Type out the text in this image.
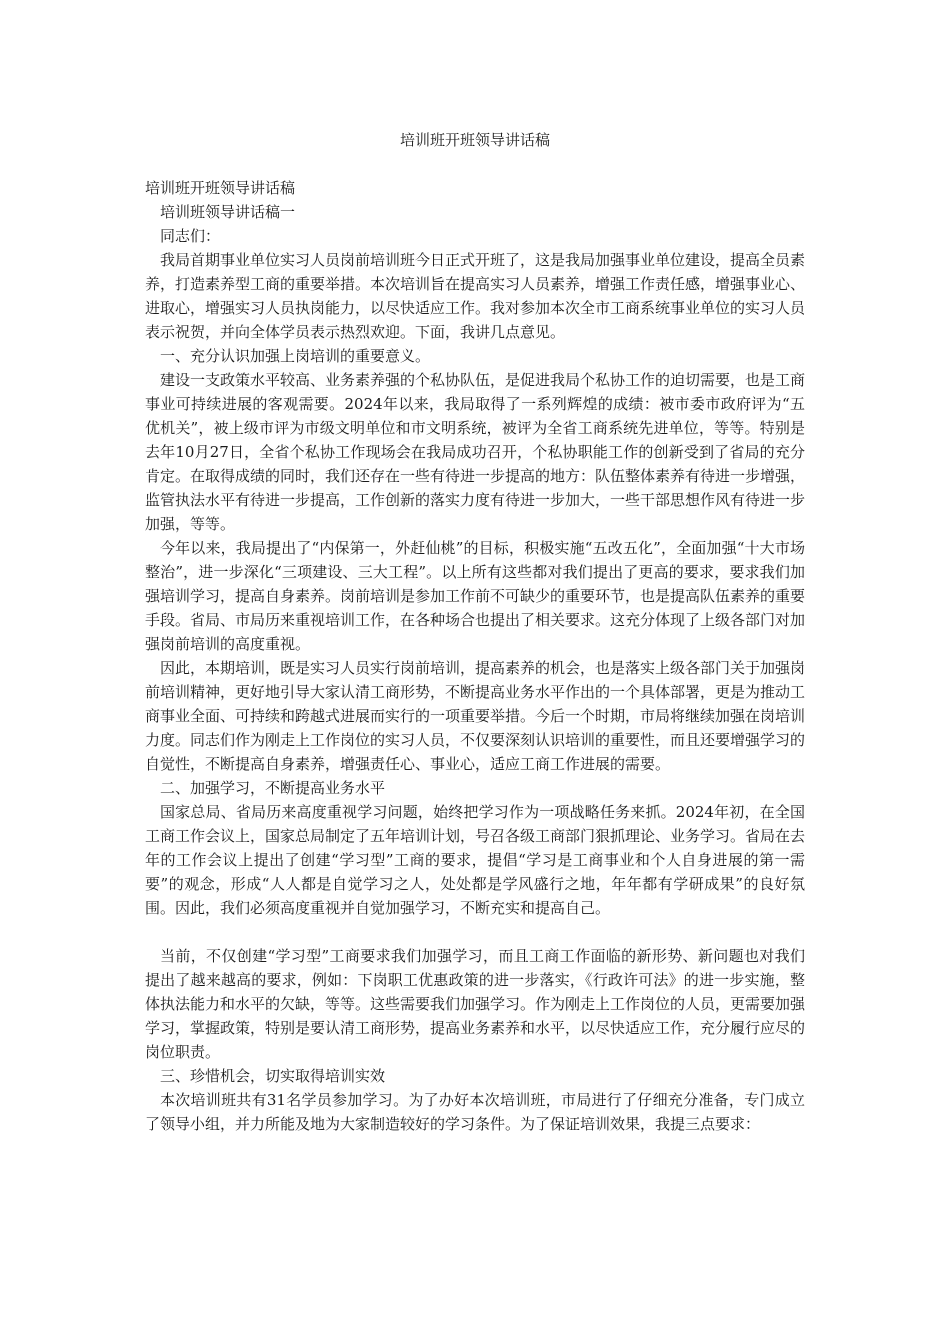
培训班开班领导讲话稿

培训班开班领导讲话稿

培训班领导讲话稿一

同志们：

我局首期事业单位实习人员岗前培训班今日正式开班了，这是我局加强事业单位建设，提高全员素养，打造素养型工商的重要举措。本次培训旨在提高实习人员素养，增强工作责任感，增强事业心、进取心，增强实习人员执岗能力，以尽快适应工作。我对参加本次全市工商系统事业单位的实习人员表示祝贺，并向全体学员表示热烈欢迎。下面，我讲几点意见。

一、充分认识加强上岗培训的重要意义。

建设一支政策水平较高、业务素养强的个私协队伍，是促进我局个私协工作的迫切需要，也是工商事业可持续进展的客观需要。2024年以来，我局取得了一系列辉煌的成绩：被市委市政府评为“五优机关”，被上级市评为市级文明单位和市文明系统，被评为全省工商系统先进单位，等等。特别是去年10月27日，全省个私协工作现场会在我局成功召开，个私协职能工作的创新受到了省局的充分肯定。在取得成绩的同时，我们还存在一些有待进一步提高的地方：队伍整体素养有待进一步增强，监管执法水平有待进一步提高，工作创新的落实力度有待进一步加大，一些干部思想作风有待进一步加强，等等。

今年以来，我局提出了“内保第一，外赶仙桃”的目标，积极实施“五改五化”，全面加强“十大市场整治”，进一步深化“三项建设、三大工程”。以上所有这些都对我们提出了更高的要求，要求我们加强培训学习，提高自身素养。岗前培训是参加工作前不可缺少的重要环节，也是提高队伍素养的重要手段。省局、市局历来重视培训工作，在各种场合也提出了相关要求。这充分体现了上级各部门对加强岗前培训的高度重视。

因此，本期培训，既是实习人员实行岗前培训，提高素养的机会，也是落实上级各部门关于加强岗前培训精神，更好地引导大家认清工商形势，不断提高业务水平作出的一个具体部署，更是为推动工商事业全面、可持续和跨越式进展而实行的一项重要举措。今后一个时期，市局将继续加强在岗培训力度。同志们作为刚走上工作岗位的实习人员，不仅要深刻认识培训的重要性，而且还要增强学习的自觉性，不断提高自身素养，增强责任心、事业心，适应工商工作进展的需要。

二、加强学习，不断提高业务水平

国家总局、省局历来高度重视学习问题，始终把学习作为一项战略任务来抓。2024年初，在全国工商工作会议上，国家总局制定了五年培训计划，号召各级工商部门狠抓理论、业务学习。省局在去年的工作会议上提出了创建“学习型”工商的要求，提倡“学习是工商事业和个人自身进展的第一需要”的观念，形成“人人都是自觉学习之人，处处都是学风盛行之地，年年都有学研成果”的良好氛围。因此，我们必须高度重视并自觉加强学习，不断充实和提高自己。

当前，不仅创建“学习型”工商要求我们加强学习，而且工商工作面临的新形势、新问题也对我们提出了越来越高的要求，例如：下岗职工优惠政策的进一步落实，《行政许可法》的进一步实施，整体执法能力和水平的欠缺，等等。这些需要我们加强学习。作为刚走上工作岗位的人员，更需要加强学习，掌握政策，特别是要认清工商形势，提高业务素养和水平，以尽快适应工作，充分履行应尽的岗位职责。

三、珍惜机会，切实取得培训实效

本次培训班共有31名学员参加学习。为了办好本次培训班，市局进行了仔细充分准备，专门成立了领导小组，并力所能及地为大家制造较好的学习条件。为了保证培训效果，我提三点要求：
